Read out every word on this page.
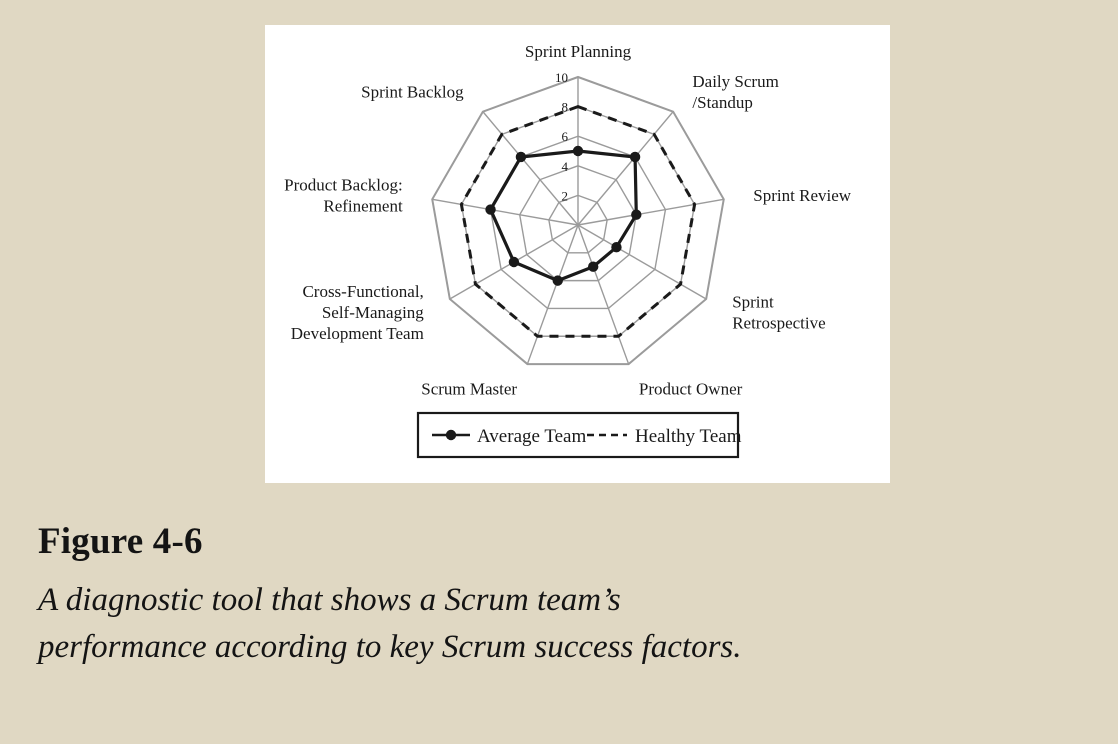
2
4
6
8
10
Sprint Planning
Daily Scrum
/Standup
Sprint Review
Sprint
Retrospective
Product Owner
Scrum Master
Cross-Functional,
Self-Managing
Development Team
Product Backlog:
Refinement
Sprint Backlog
Average Team	Healthy Team
Figure 4-6
A diagnostic tool that shows a Scrum team’s
performance according to key Scrum success factors.
